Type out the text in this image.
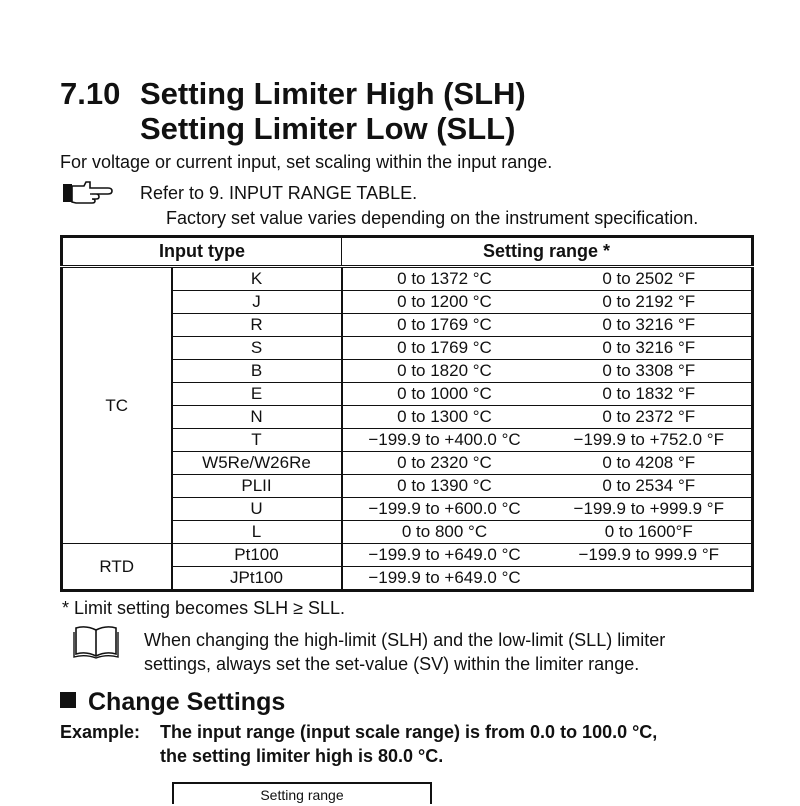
7.10 Setting Limiter High (SLH)
Setting Limiter Low (SLL)
For voltage or current input, set scaling within the input range.
Refer to 9. INPUT RANGE TABLE.
Factory set value varies depending on the instrument specification.
Input type		Setting range *	
TC	K	0 to 1372 °C	0 to 2502 °F
	J	0 to 1200 °C	0 to 2192 °F
	R	0 to 1769 °C	0 to 3216 °F
	S	0 to 1769 °C	0 to 3216 °F
	B	0 to 1820 °C	0 to 3308 °F
	E	0 to 1000 °C	0 to 1832 °F
	N	0 to 1300 °C	0 to 2372 °F
	T	−199.9 to +400.0 °C	−199.9 to +752.0 °F
	W5Re/W26Re	0 to 2320 °C	0 to 4208 °F
	PLII	0 to 1390 °C	0 to 2534 °F
	U	−199.9 to +600.0 °C	−199.9 to +999.9 °F
	L	0 to 800 °C	0 to 1600°F
RTD	Pt100	−199.9 to +649.0 °C	−199.9 to 999.9 °F
	JPt100	−199.9 to +649.0 °C	
* Limit setting becomes SLH ≥ SLL.
When changing the high-limit (SLH) and the low-limit (SLL) limiter
settings, always set the set-value (SV) within the limiter range.
Change Settings
Example: The input range (input scale range) is from 0.0 to 100.0 °C,
the setting limiter high is 80.0 °C.
Setting range
